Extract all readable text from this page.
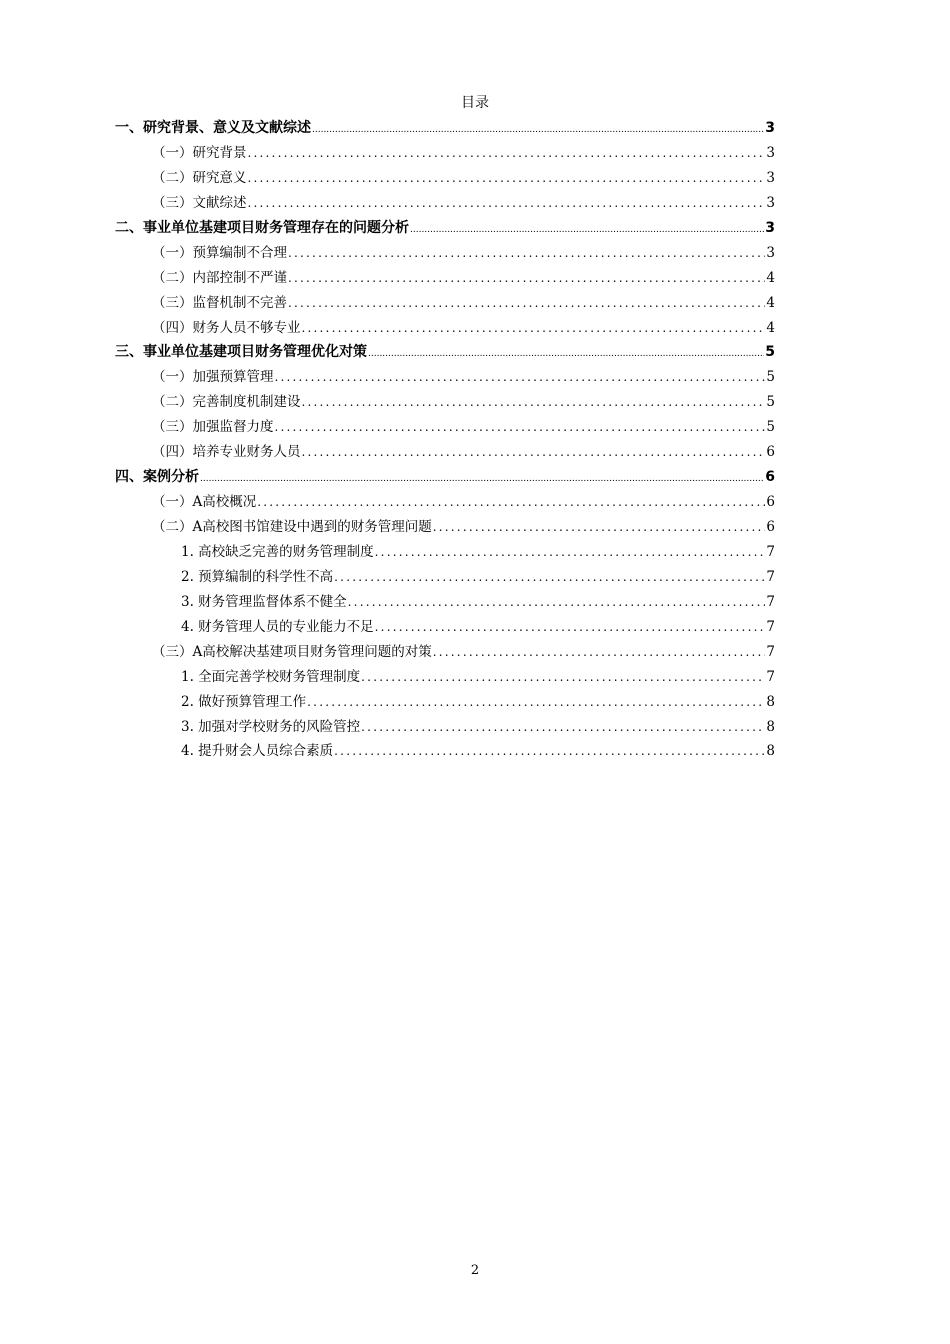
目录
一、研究背景、意义及文献综述 .....	3
（一）研究背景 .....	3
（二）研究意义 .....	3
（三）文献综述 .....	3
二、事业单位基建项目财务管理存在的问题分析 .....	3
（一）预算编制不合理 .....	3
（二）内部控制不严谨 .....	4
（三）监督机制不完善 .....	4
（四）财务人员不够专业 .....	4
三、事业单位基建项目财务管理优化对策 .....	5
（一）加强预算管理 .....	5
（二）完善制度机制建设 .....	5
（三）加强监督力度 .....	5
（四）培养专业财务人员 .....	6
四、案例分析 .....	6
（一）A高校概况 .....	6
（二）A高校图书馆建设中遇到的财务管理问题 .....	6
1. 高校缺乏完善的财务管理制度 .....	7
2. 预算编制的科学性不高 .....	7
3. 财务管理监督体系不健全 .....	7
4. 财务管理人员的专业能力不足 .....	7
（三）A高校解决基建项目财务管理问题的对策 .....	7
1. 全面完善学校财务管理制度 .....	7
2. 做好预算管理工作 .....	8
3. 加强对学校财务的风险管控 .....	8
4. 提升财会人员综合素质 .....	8
2
